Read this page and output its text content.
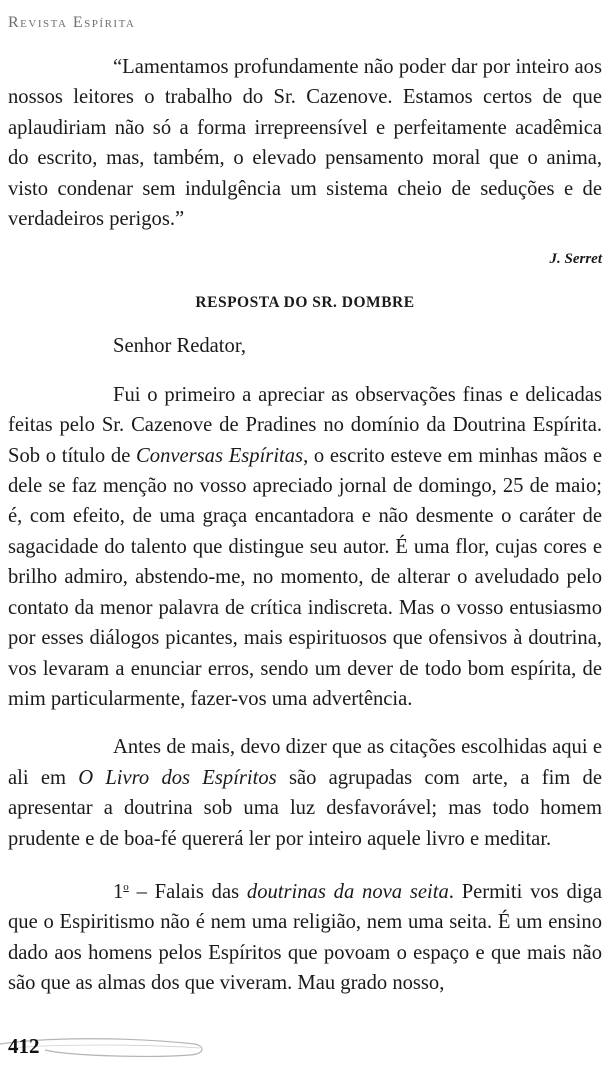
Revista Espírita

“Lamentamos profundamente não poder dar por inteiro aos nossos leitores o trabalho do Sr. Cazenove. Estamos certos de que aplaudiriam não só a forma irrepreensível e perfeitamente acadêmica do escrito, mas, também, o elevado pensamento moral que o anima, visto condenar sem indulgência um sistema cheio de seduções e de verdadeiros perigos.”

J. Serret

RESPOSTA DO SR. DOMBRE

Senhor Redator,

Fui o primeiro a apreciar as observações finas e delicadas feitas pelo Sr. Cazenove de Pradines no domínio da Doutrina Espírita. Sob o título de Conversas Espíritas, o escrito esteve em minhas mãos e dele se faz menção no vosso apreciado jornal de domingo, 25 de maio; é, com efeito, de uma graça encantadora e não desmente o caráter de sagacidade do talento que distingue seu autor. É uma flor, cujas cores e brilho admiro, abstendo-me, no momento, de alterar o aveludado pelo contato da menor palavra de crítica indiscreta. Mas o vosso entusiasmo por esses diálogos picantes, mais espirituosos que ofensivos à doutrina, vos levaram a enunciar erros, sendo um dever de todo bom espírita, de mim particularmente, fazer-vos uma advertência.

Antes de mais, devo dizer que as citações escolhidas aqui e ali em O Livro dos Espíritos são agrupadas com arte, a fim de apresentar a doutrina sob uma luz desfavorável; mas todo homem prudente e de boa-fé quererá ler por inteiro aquele livro e meditar.

1$^o$ – Falais das doutrinas da nova seita. Permiti vos diga que o Espiritismo não é nem uma religião, nem uma seita. É um ensino dado aos homens pelos Espíritos que povoam o espaço e que mais não são que as almas dos que viveram. Mau grado nosso,

412
